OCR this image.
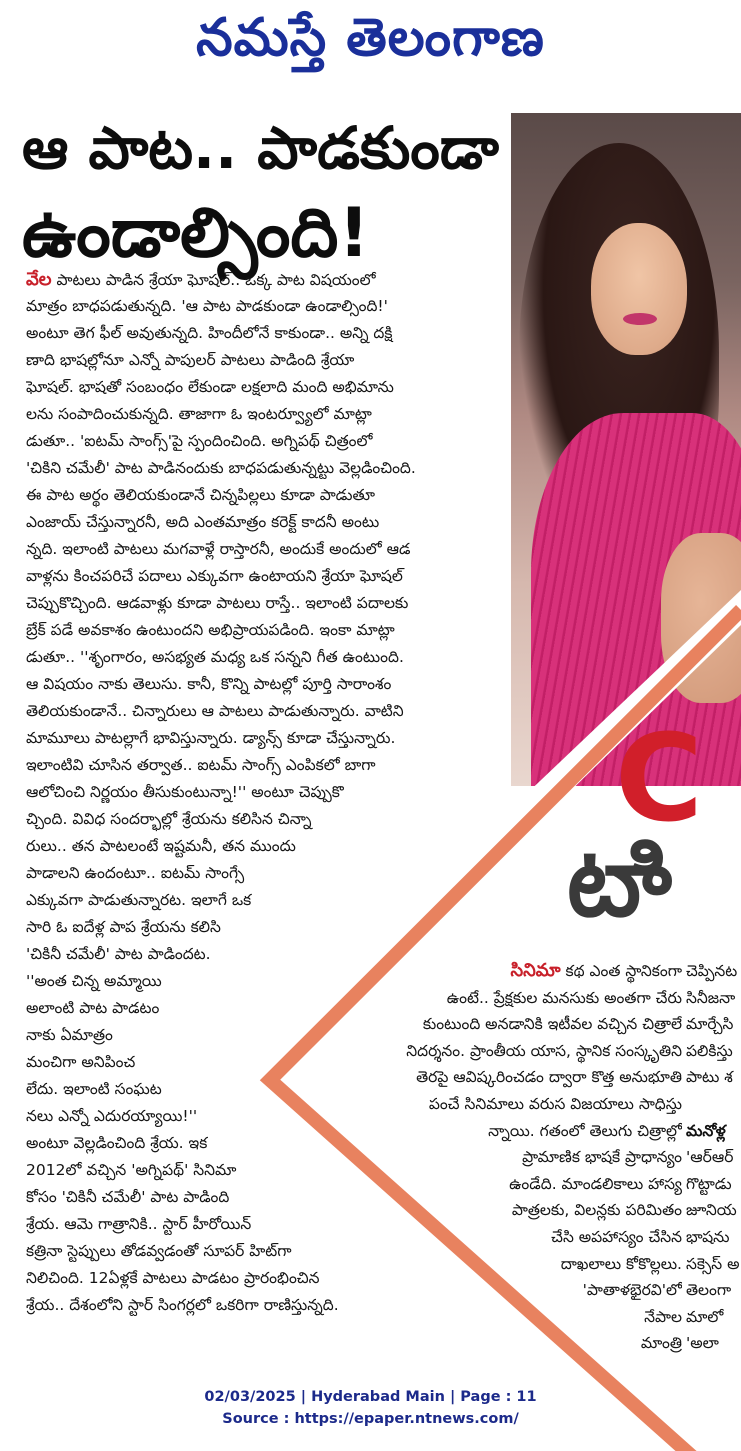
నమస్తే తెలంగాణ
ఆ పాట.. పాడకుండా
ఉండాల్సింది!
C
టాి
వేల పాటలు పాడిన శ్రేయా ఘోషల్.. ఒక్క పాట విషయంలో
మాత్రం బాధపడుతున్నది. 'ఆ పాట పాడకుండా ఉండాల్సింది!'
అంటూ తెగ ఫీల్ అవుతున్నది. హిందీలోనే కాకుండా.. అన్ని దక్షి
ణాది భాషల్లోనూ ఎన్నో పాపులర్ పాటలు పాడింది శ్రేయా
ఘోషల్. భాషతో సంబంధం లేకుండా లక్షలాది మంది అభిమాను
లను సంపాదించుకున్నది. తాజాగా ఓ ఇంటర్వ్యూలో మాట్లా
డుతూ.. 'ఐటమ్ సాంగ్స్'పై స్పందించింది. అగ్నిపథ్ చిత్రంలో
'చికిని చమేలీ' పాట పాడినందుకు బాధపడుతున్నట్టు వెల్లడించింది.
ఈ పాట అర్థం తెలియకుండానే చిన్నపిల్లలు కూడా పాడుతూ
ఎంజాయ్ చేస్తున్నారనీ, అది ఎంతమాత్రం కరెక్ట్ కాదనీ అంటు
న్నది. ఇలాంటి పాటలు మగవాళ్లే రాస్తారనీ, అందుకే అందులో ఆడ
వాళ్లను కించపరిచే పదాలు ఎక్కువగా ఉంటాయని శ్రేయా ఘోషల్
చెప్పుకొచ్చింది. ఆడవాళ్లు కూడా పాటలు రాస్తే.. ఇలాంటి పదాలకు
బ్రేక్ పడే అవకాశం ఉంటుందని అభిప్రాయపడింది. ఇంకా మాట్లా
డుతూ.. ''శృంగారం, అసభ్యత మధ్య ఒక సన్నని గీత ఉంటుంది.
ఆ విషయం నాకు తెలుసు. కానీ, కొన్ని పాటల్లో పూర్తి సారాంశం
తెలియకుండానే.. చిన్నారులు ఆ పాటలు పాడుతున్నారు. వాటిని
మామూలు పాటల్లాగే భావిస్తున్నారు. డ్యాన్స్ కూడా చేస్తున్నారు.
ఇలాంటివి చూసిన తర్వాత.. ఐటమ్ సాంగ్స్ ఎంపికలో బాగా
ఆలోచించి నిర్ణయం తీసుకుంటున్నా!'' అంటూ చెప్పుకొ
చ్చింది. వివిధ సందర్భాల్లో శ్రేయను కలిసిన చిన్నా
రులు.. తన పాటలంటే ఇష్టమనీ, తన ముందు
పాడాలని ఉందంటూ.. ఐటమ్ సాంగ్సే
ఎక్కువగా పాడుతున్నారట. ఇలాగే ఒక
సారి ఓ ఐదేళ్ల పాప శ్రేయను కలిసి
'చికినీ చమేలీ' పాట పాడిందట.
''అంత చిన్న అమ్మాయి
అలాంటి పాట పాడటం
నాకు ఏమాత్రం
మంచిగా అనిపించ
లేదు. ఇలాంటి సంఘట
నలు ఎన్నో ఎదురయ్యాయి!''
అంటూ వెల్లడించింది శ్రేయ. ఇక
2012లో వచ్చిన 'అగ్నిపథ్' సినిమా
కోసం 'చికినీ చమేలీ' పాట పాడింది
శ్రేయ. ఆమె గాత్రానికి.. స్టార్ హీరోయిన్
కత్రినా స్టెప్పులు తోడవ్వడంతో సూపర్ హిట్‌గా
నిలిచింది. 12ఏళ్లకే పాటలు పాడటం ప్రారంభించిన
శ్రేయ.. దేశంలోని స్టార్ సింగర్లలో ఒకరిగా రాణిస్తున్నది.
సినిమా కథ ఎంత స్థానికంగా
ఉంటే.. ప్రేక్షకుల మనసుకు అంతగా చేరు
కుంటుంది అనడానికి ఇటీవల వచ్చిన చిత్రాలే
నిదర్శనం. ప్రాంతీయ యాస, స్థానిక సంస్కృతిని
తెరపై ఆవిష్కరించడం ద్వారా కొత్త అనుభూతి
పంచే సినిమాలు వరుస విజయాలు సాధిస్తు
న్నాయి. గతంలో తెలుగు చిత్రాల్లో
ప్రామాణిక భాషకే ప్రాధాన్యం
ఉండేది. మాండలికాలు హాస్య
పాత్రలకు, విలన్లకు పరిమితం
చేసి అపహాస్యం చేసిన
దాఖలాలు కోకొల్లలు.
'పాతాళభైరవి'లో
నేపాల
మాంత్రి
చెప్పినట
సినీజనా
మార్చేసి
పలికిస్తు
పాటు శ
మనోళ్ల
'ఆర్ఆర్
గొట్టాడు
జూనియ
భాషను
సక్సెస్ అ
తెలంగా
మాలో
'అలా
02/03/2025 | Hyderabad Main | Page : 11
Source : https://epaper.ntnews.com/
